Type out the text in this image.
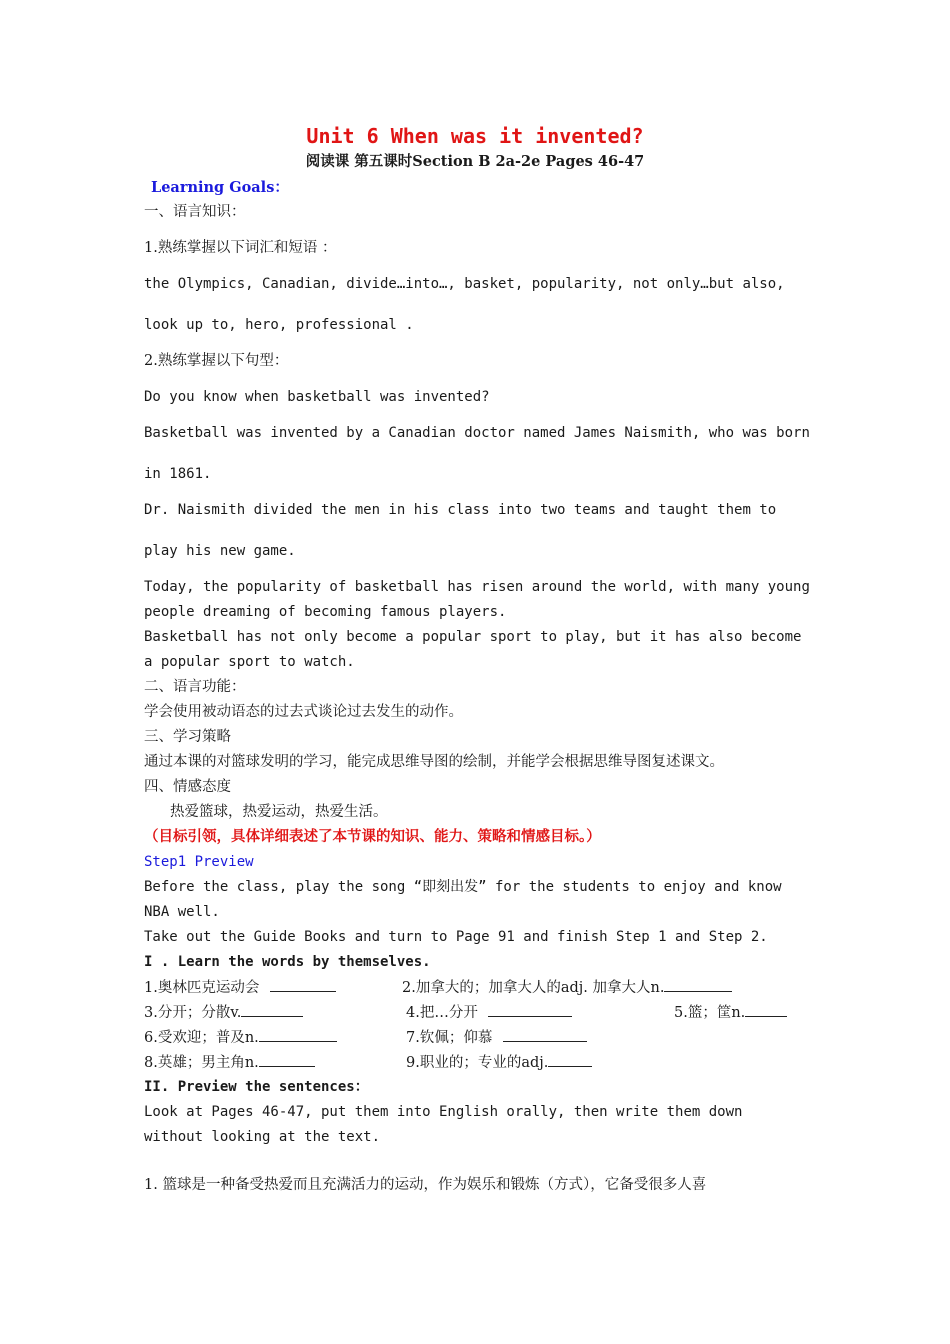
Unit 6 When was it invented?
阅读课 第五课时Section B 2a-2e Pages 46-47
Learning Goals：
一、语言知识：
1.熟练掌握以下词汇和短语 ：
the Olympics, Canadian, divide…into…, basket, popularity, not only…but also,
look up to, hero, professional .
2.熟练掌握以下句型：
Do you know when basketball was invented?
Basketball was invented by a Canadian doctor named James Naismith, who was born
in 1861.
Dr. Naismith divided the men in his class into two teams and taught them to
play his new game.
Today, the popularity of basketball has risen around the world, with many young
people dreaming of becoming famous players.
Basketball has not only become a popular sport to play, but it has also become
a popular sport to watch.
二、语言功能：
学会使用被动语态的过去式谈论过去发生的动作。
三、学习策略
通过本课的对篮球发明的学习，能完成思维导图的绘制，并能学会根据思维导图复述课文。
四、情感态度
热爱篮球，热爱运动，热爱生活。
（目标引领，具体详细表述了本节课的知识、能力、策略和情感目标。）
Step1 Preview
Before the class, play the song “即刻出发” for the students to enjoy and know
NBA well.
Take out the Guide Books and turn to Page 91 and finish Step 1 and Step 2.
I . Learn the words by themselves.
1.奥林匹克运动会	2.加拿大的；加拿大人的adj. 加拿大人n.
3.分开；分散v.	4.把…分开	5.篮；筐n.
6.受欢迎；普及n.	7.钦佩；仰慕
8.英雄；男主角n.	9.职业的；专业的adj.
II. Preview the sentences：
Look at Pages 46-47, put them into English orally, then write them down
without looking at the text.
1. 篮球是一种备受热爱而且充满活力的运动，作为娱乐和锻炼（方式），它备受很多人喜
